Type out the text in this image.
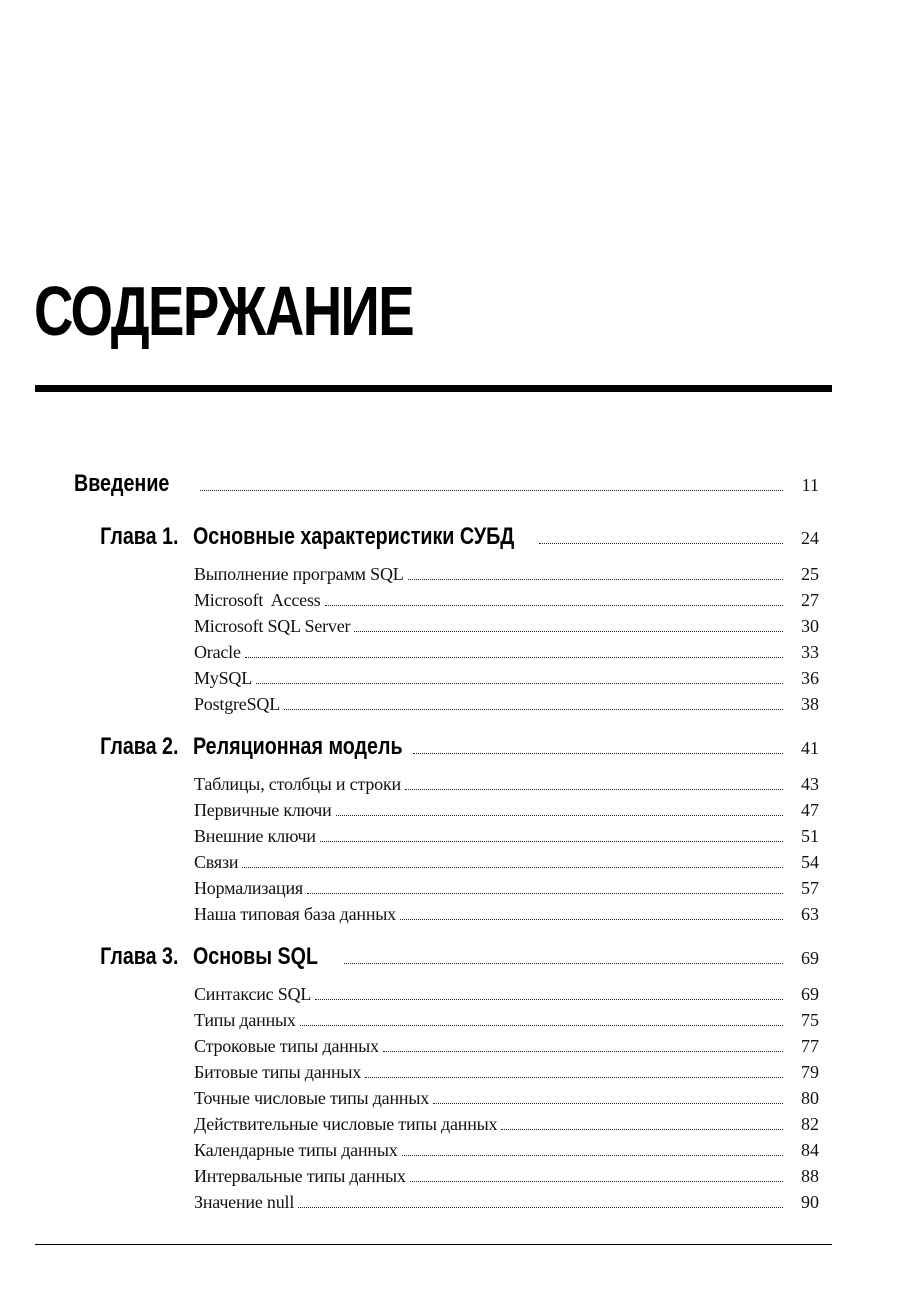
СОДЕРЖАНИЕ
Введение	11
Глава 1. Основные характеристики СУБД	24
Выполнение программ SQL	25
Microsoft  Access	27
Microsoft SQL Server	30
Oracle	33
MySQL	36
PostgreSQL	38
Глава 2. Реляционная модель	41
Таблицы, столбцы и строки	43
Первичные ключи	47
Внешние ключи	51
Связи	54
Нормализация	57
Наша типовая база данных	63
Глава 3. Основы SQL	69
Синтаксис SQL	69
Типы данных	75
Строковые типы данных	77
Битовые типы данных	79
Точные числовые типы данных	80
Действительные числовые типы данных	82
Календарные типы данных	84
Интервальные типы данных	88
Значение null	90
